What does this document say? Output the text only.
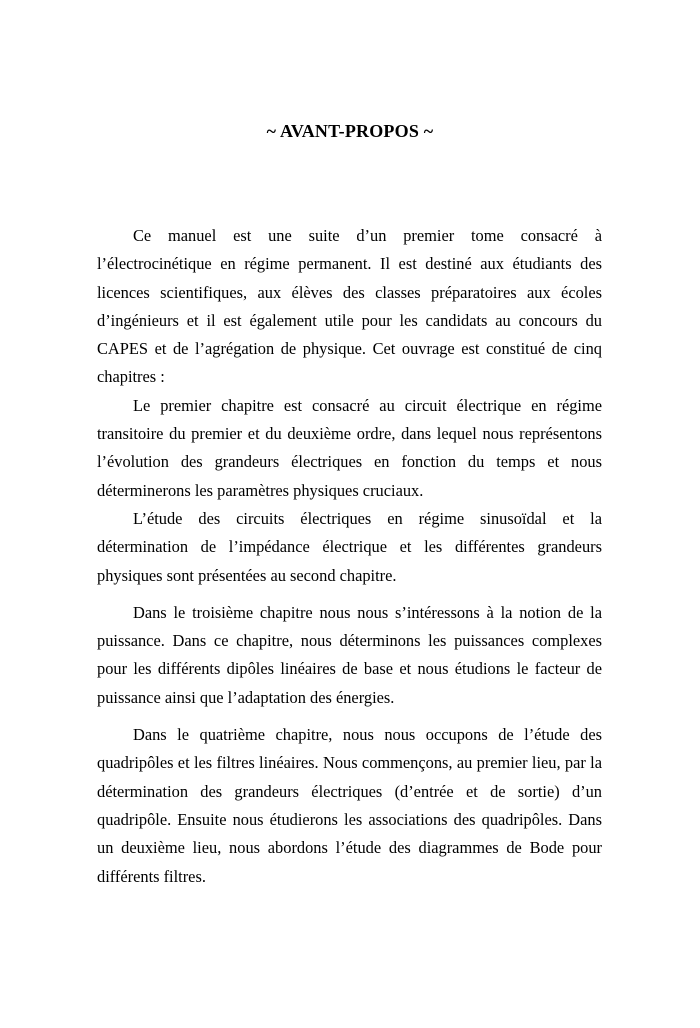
~ AVANT-PROPOS ~

Ce manuel est une suite d’un premier tome consacré à l’électrocinétique en régime permanent. Il est destiné aux étudiants des licences scientifiques, aux élèves des classes préparatoires aux écoles d’ingénieurs et il est également utile pour les candidats au concours du CAPES et de l’agrégation de physique. Cet ouvrage est constitué de cinq chapitres :

Le premier chapitre est consacré au circuit électrique en régime transitoire du premier et du deuxième ordre, dans lequel nous représentons l’évolution des grandeurs électriques en fonction du temps et nous déterminerons les paramètres physiques cruciaux.

L’étude des circuits électriques en régime sinusoïdal et la détermination de l’impédance électrique et les différentes grandeurs physiques sont présentées au second chapitre.

Dans le troisième chapitre nous nous s’intéressons à la notion de la puissance. Dans ce chapitre, nous déterminons les puissances complexes pour les différents dipôles linéaires de base et nous étudions le facteur de puissance ainsi que l’adaptation des énergies.

Dans le quatrième chapitre, nous nous occupons de l’étude des quadripôles et les filtres linéaires. Nous commençons, au premier lieu, par la détermination des grandeurs électriques (d’entrée et de sortie) d’un quadripôle. Ensuite nous étudierons les associations des quadripôles. Dans un deuxième lieu, nous abordons l’étude des diagrammes de Bode pour différents filtres.
